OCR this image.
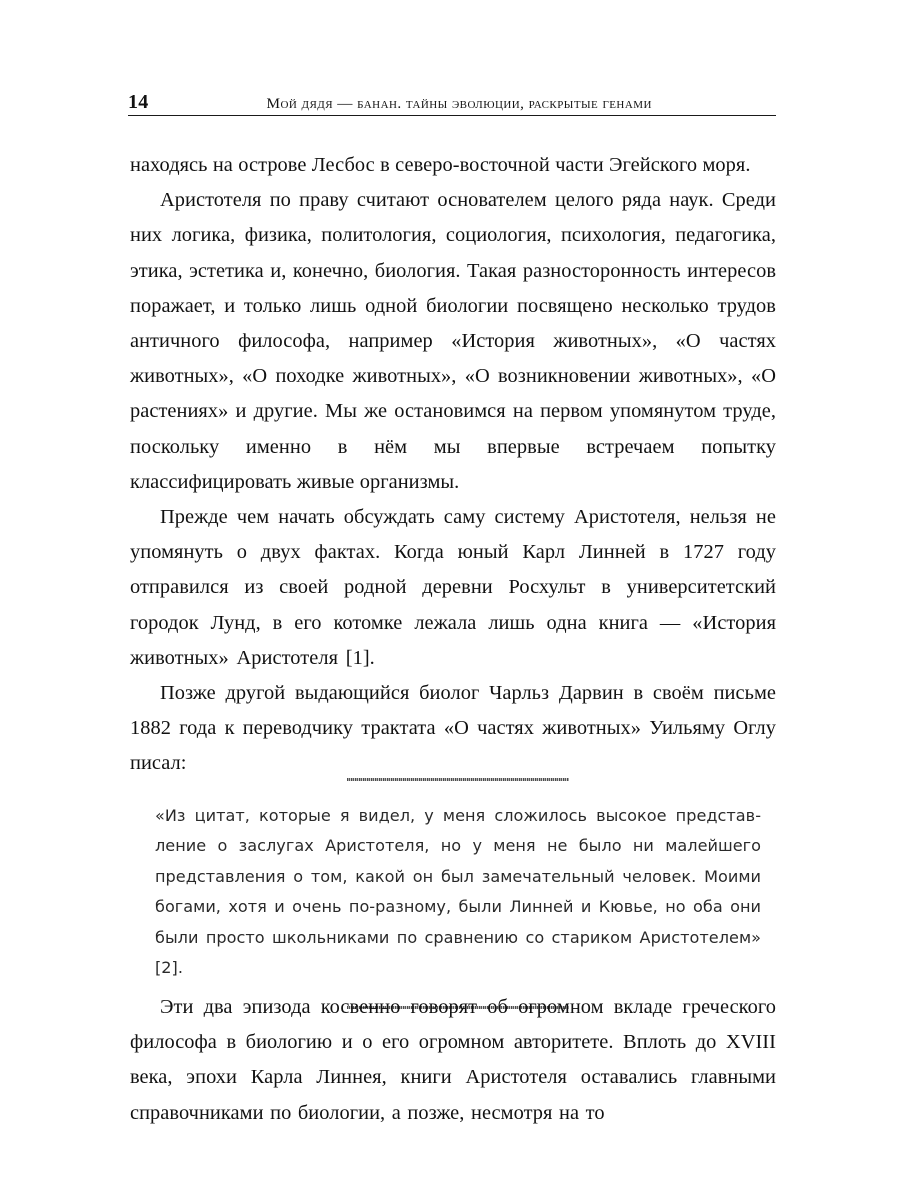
14	мой дядя — банан. тайны эволюции, раскрытые генами

находясь на острове Лесбос в северо-восточной части Эгейского моря.

Аристотеля по праву считают основателем целого ряда наук. Среди них логика, физика, политология, социология, психология, педагогика, этика, эстетика и, конечно, биология. Такая разносторонность интересов поражает, и только лишь одной биологии посвящено несколько трудов античного философа, например «История животных», «О частях животных», «О походке животных», «О возникновении животных», «О растениях» и другие. Мы же остановимся на первом упомянутом труде, поскольку именно в нём мы впервые встречаем попытку классифицировать живые организмы.

Прежде чем начать обсуждать саму систему Аристотеля, нельзя не упомянуть о двух фактах. Когда юный Карл Линней в 1727 году отправился из своей родной деревни Росхульт в университетский городок Лунд, в его котомке лежала лишь одна книга — «История животных» Аристотеля [1].

Позже другой выдающийся биолог Чарльз Дарвин в своём письме 1882 года к переводчику трактата «О частях животных» Уильяму Оглу писал:

«Из цитат, которые я видел, у меня сложилось высокое представление о заслугах Аристотеля, но у меня не было ни малейшего представления о том, какой он был замечательный человек. Моими богами, хотя и очень по-разному, были Линней и Кювье, но оба они были просто школьниками по сравнению со стариком Аристотелем» [2].

Эти два эпизода косвенно говорят об огромном вкладе греческого философа в биологию и о его огромном авторитете. Вплоть до XVIII века, эпохи Карла Линнея, книги Аристотеля оставались главными справочниками по биологии, а позже, несмотря на то
